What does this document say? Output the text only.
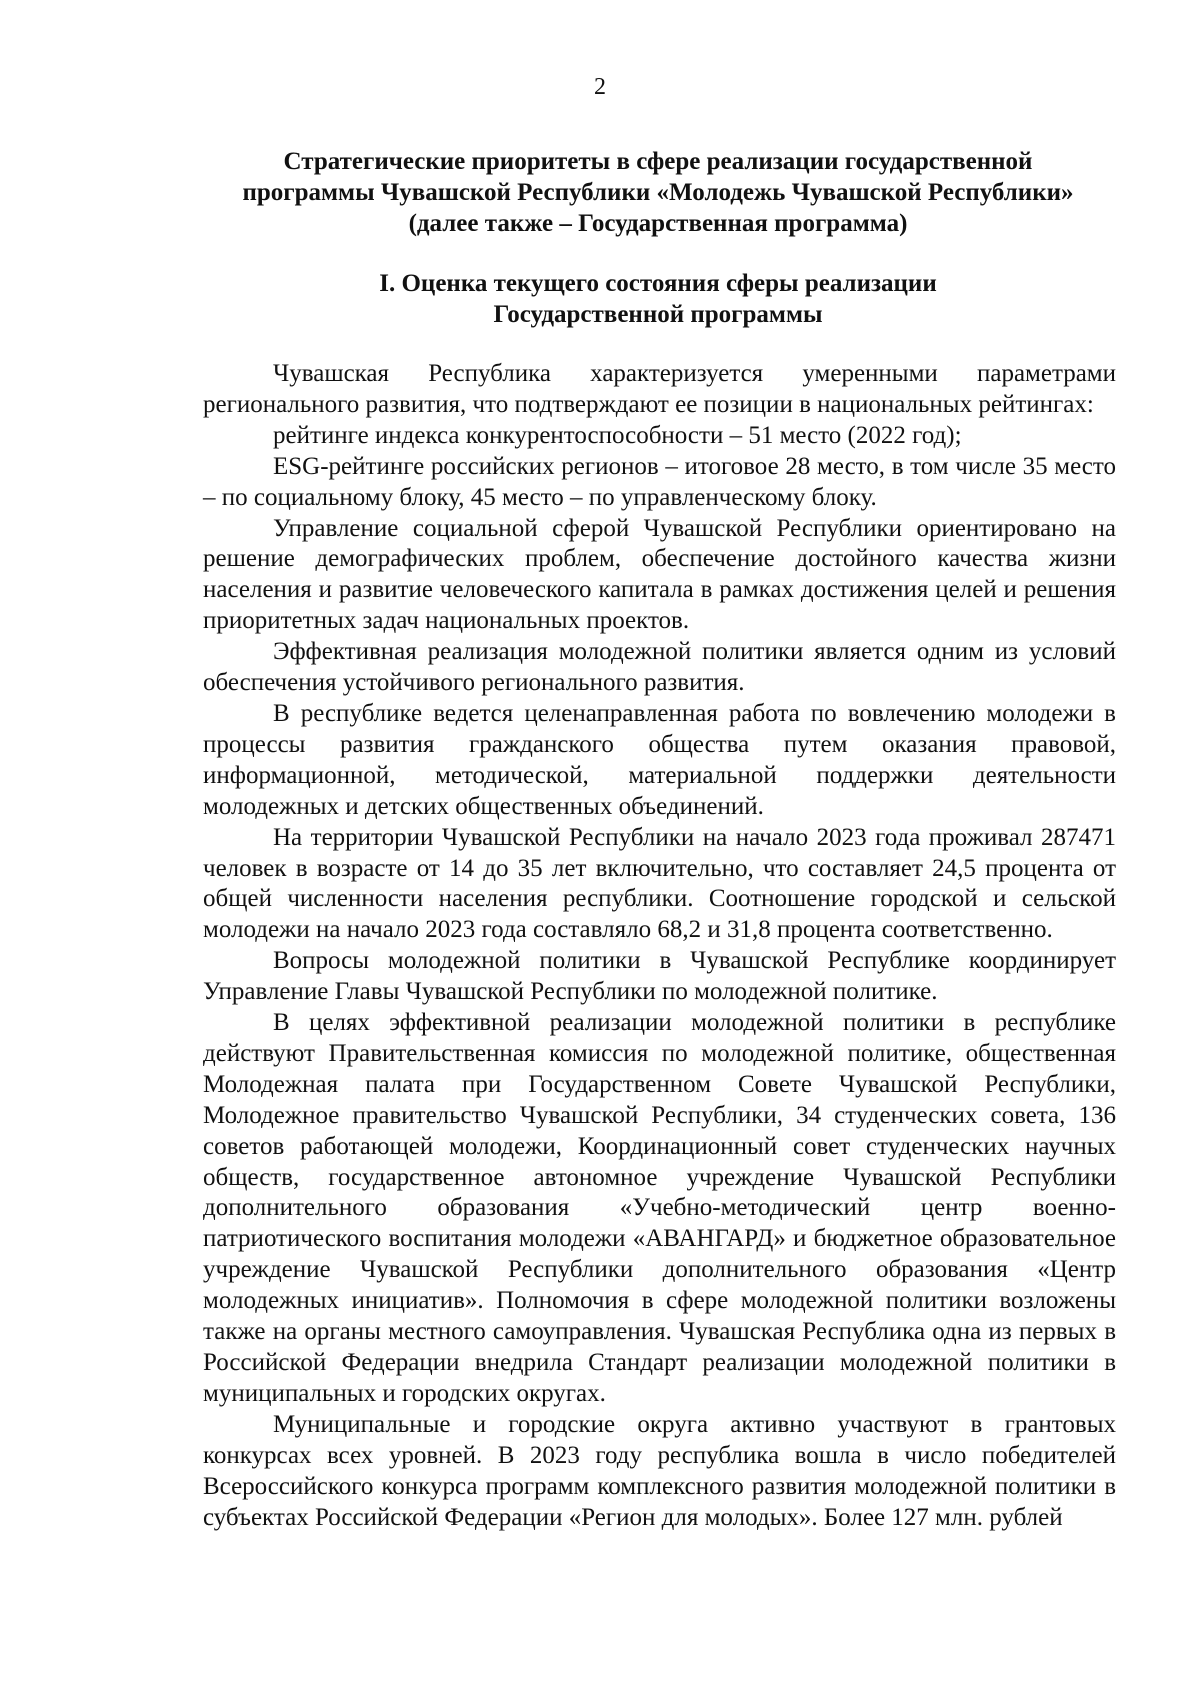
2
Стратегические приоритеты в сфере реализации государственной
программы Чувашской Республики «Молодежь Чувашской Республики»
(далее также – Государственная программа)
I. Оценка текущего состояния сферы реализации
Государственной программы

Чувашская Республика характеризуется умеренными параметрами регионального развития, что подтверждают ее позиции в национальных рейтингах:

рейтинге индекса конкурентоспособности – 51 место (2022 год);

ESG-рейтинге российских регионов – итоговое 28 место, в том числе 35 место – по социальному блоку, 45 место – по управленческому блоку.

Управление социальной сферой Чувашской Республики ориентировано на решение демографических проблем, обеспечение достойного качества жизни населения и развитие человеческого капитала в рамках достижения целей и решения приоритетных задач национальных проектов.

Эффективная реализация молодежной политики является одним из условий обеспечения устойчивого регионального развития.

В республике ведется целенаправленная работа по вовлечению молодежи в процессы развития гражданского общества путем оказания правовой, информационной, методической, материальной поддержки деятельности молодежных и детских общественных объединений.

На территории Чувашской Республики на начало 2023 года проживал 287471 человек в возрасте от 14 до 35 лет включительно, что составляет 24,5 процента от общей численности населения республики. Соотношение городской и сельской молодежи на начало 2023 года составляло 68,2 и 31,8 процента соответственно.

Вопросы молодежной политики в Чувашской Республике координирует Управление Главы Чувашской Республики по молодежной политике.

В целях эффективной реализации молодежной политики в республике действуют Правительственная комиссия по молодежной политике, общественная Молодежная палата при Государственном Совете Чувашской Республики, Молодежное правительство Чувашской Республики, 34 студенческих совета, 136 советов работающей молодежи, Координационный совет студенческих научных обществ, государственное автономное учреждение Чувашской Республики дополнительного образования «Учебно-методический центр военно-патриотического воспитания молодежи «АВАНГАРД» и бюджетное образовательное учреждение Чувашской Республики дополнительного образования «Центр молодежных инициатив». Полномочия в сфере молодежной политики возложены также на органы местного самоуправления. Чувашская Республика одна из первых в Российской Федерации внедрила Стандарт реализации молодежной политики в муниципальных и городских округах.

Муниципальные и городские округа активно участвуют в грантовых конкурсах всех уровней. В 2023 году республика вошла в число победителей Всероссийского конкурса программ комплексного развития молодежной политики в субъектах Российской Федерации «Регион для молодых». Более 127 млн. рублей
